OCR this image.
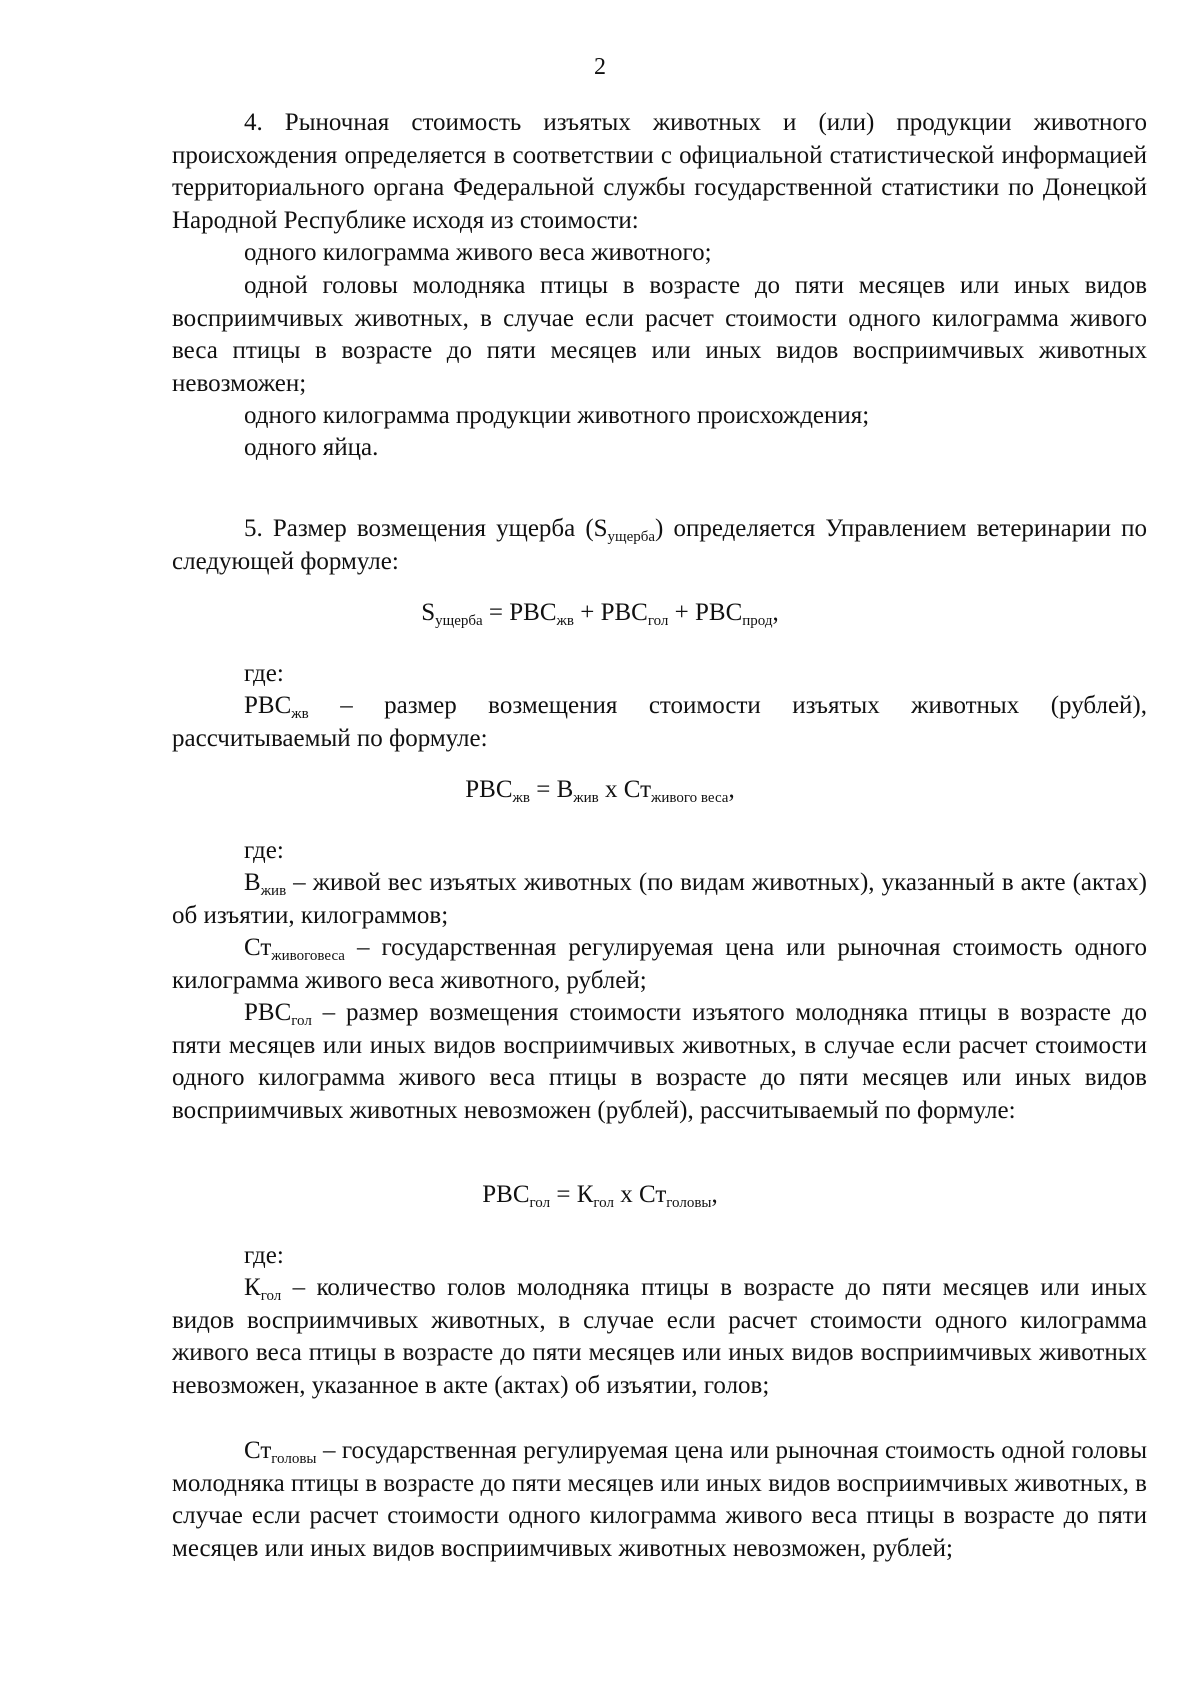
2

4. Рыночная стоимость изъятых животных и (или) продукции животного происхождения определяется в соответствии с официальной статистической информацией территориального органа Федеральной службы государственной статистики по Донецкой Народной Республике исходя из стоимости:

одного килограмма живого веса животного;

одной головы молодняка птицы в возрасте до пяти месяцев или иных видов восприимчивых животных, в случае если расчет стоимости одного килограмма живого веса птицы в возрасте до пяти месяцев или иных видов восприимчивых животных невозможен;

одного килограмма продукции животного происхождения;

одного яйца.

5. Размер возмещения ущерба $(S_{ущерба})$ определяется Управлением ветеринарии по следующей формуле:

$S_{ущерба} = РВС_{жв} + РВС_{гол} + РВС_{прод}$,

где:

$РВС_{жв}$ – размер возмещения стоимости изъятых животных (рублей), рассчитываемый по формуле:

$РВС_{жв} = В_{жив}$ х $Ст_{живого веса}$,

где:

$В_{жив}$ – живой вес изъятых животных (по видам животных), указанный в акте (актах) об изъятии, килограммов;

$Ст_{живоговеса}$ – государственная регулируемая цена или рыночная стоимость одного килограмма живого веса животного, рублей;

$РВС_{гол}$ – размер возмещения стоимости изъятого молодняка птицы в возрасте до пяти месяцев или иных видов восприимчивых животных, в случае если расчет стоимости одного килограмма живого веса птицы в возрасте до пяти месяцев или иных видов восприимчивых животных невозможен (рублей), рассчитываемый по формуле:

$РВС_{гол} = К_{гол}$ х $Ст_{головы}$,

где:

$К_{гол}$ – количество голов молодняка птицы в возрасте до пяти месяцев или иных видов восприимчивых животных, в случае если расчет стоимости одного килограмма живого веса птицы в возрасте до пяти месяцев или иных видов восприимчивых животных невозможен, указанное в акте (актах) об изъятии, голов;

$Ст_{головы}$ – государственная регулируемая цена или рыночная стоимость одной головы молодняка птицы в возрасте до пяти месяцев или иных видов восприимчивых животных, в случае если расчет стоимости одного килограмма живого веса птицы в возрасте до пяти месяцев или иных видов восприимчивых животных невозможен, рублей;
